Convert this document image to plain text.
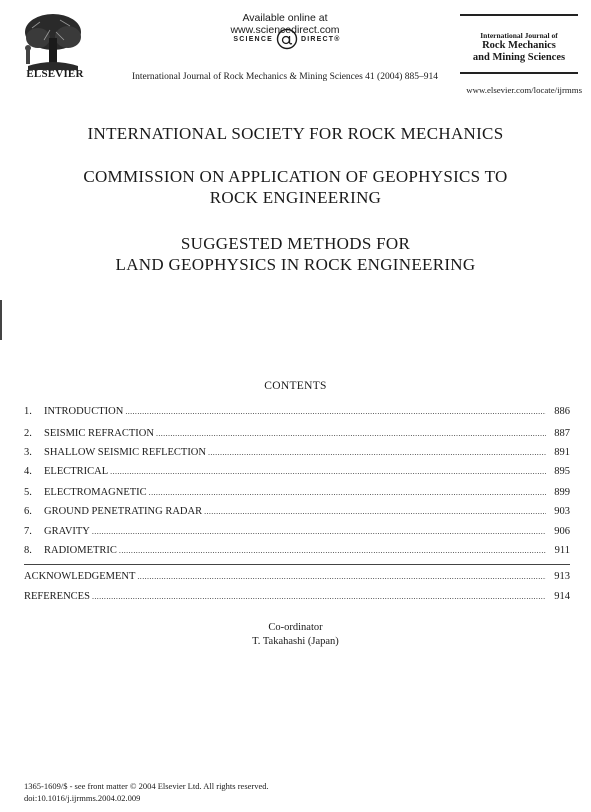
ELSEVIER
Available online at www.sciencedirect.com
SCIENCE	DIRECT®
International Journal of Rock Mechanics & Mining Sciences 41 (2004) 885–914
International Journal of
Rock Mechanics
and Mining Sciences
www.elsevier.com/locate/ijrmms
INTERNATIONAL SOCIETY FOR ROCK MECHANICS
COMMISSION ON APPLICATION OF GEOPHYSICS TO
ROCK ENGINEERING
SUGGESTED METHODS FOR
LAND GEOPHYSICS IN ROCK ENGINEERING
CONTENTS
1.	INTRODUCTION .....	886
2.	SEISMIC REFRACTION .....	887
3.	SHALLOW SEISMIC REFLECTION .....	891
4.	ELECTRICAL .....	895
5.	ELECTROMAGNETIC .....	899
6.	GROUND PENETRATING RADAR .....	903
7.	GRAVITY .....	906
8.	RADIOMETRIC .....	911
ACKNOWLEDGEMENT .....	913
REFERENCES .....	914
Co-ordinator
T. Takahashi (Japan)
1365-1609/$ - see front matter © 2004 Elsevier Ltd. All rights reserved.
doi:10.1016/j.ijrmms.2004.02.009
